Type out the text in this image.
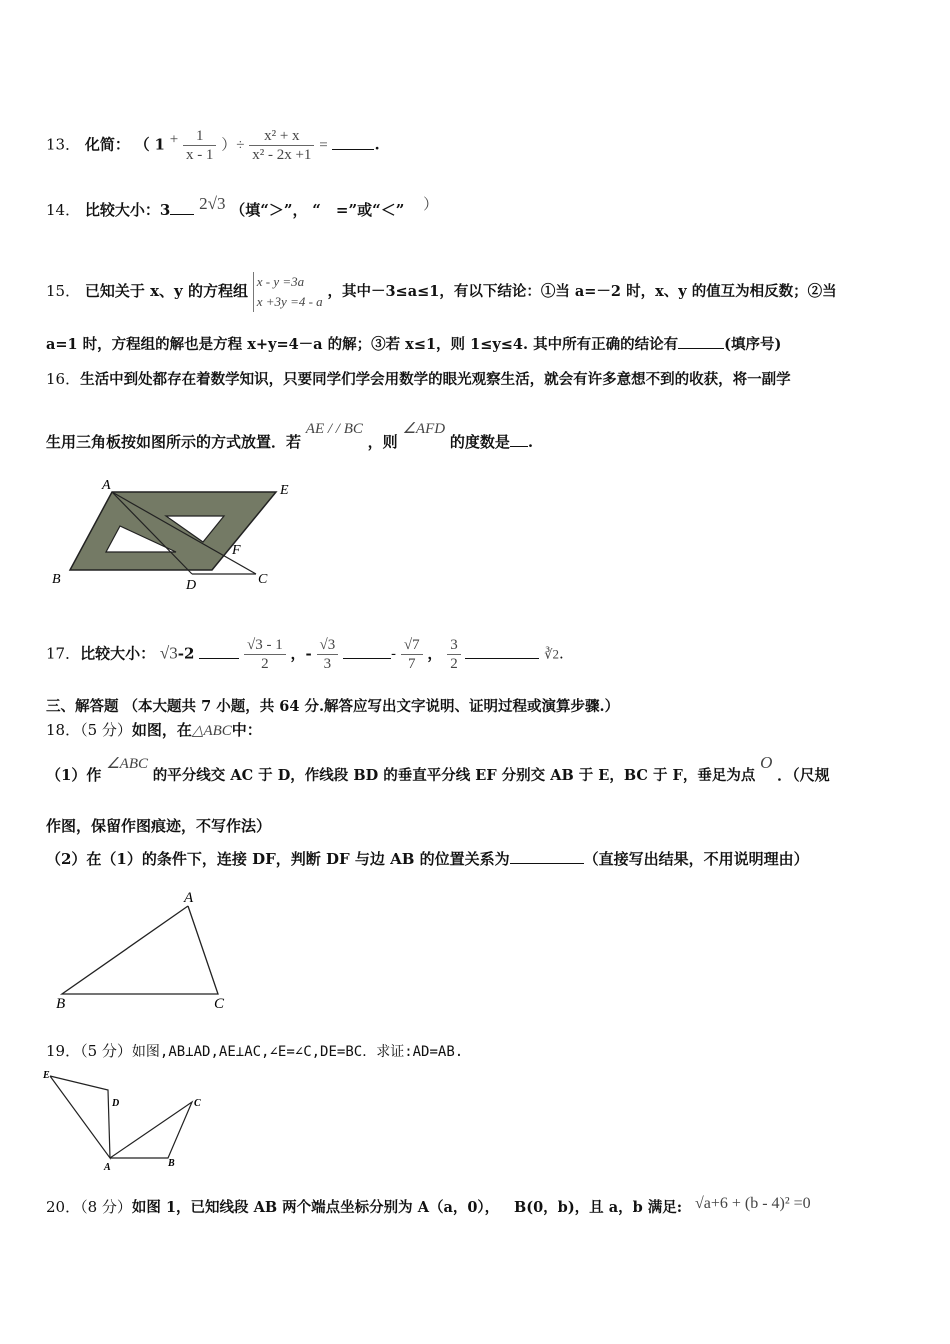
13． 化简： （ $1 + \frac{1}{x - 1}$ ）÷ $\frac{\text{x² + x}}{\text{x² - 2x +1}}$ =	.
14． 比较大小：3 2√3 （填“＞”， “　=”或“＜” ）
15． 已知关于 x、y 的方程组
x - y =3a
x +3y =4 - a
，其中－3≤a≤1，有以下结论：①当 a=－2 时，x、y 的值互为相反数；②当
a=1 时，方程组的解也是方程 x+y=4－a 的解；③若 x≤1，则 1≤y≤4. 其中所有正确的结论有	(填序号)
16．生活中到处都存在着数学知识，只要同学们学会用数学的眼光观察生活，就会有许多意想不到的收获，将一副学
生用三角板按如图所示的方式放置．若 AE / / BC ，则 ∠AFD 的度数是 .
A	E
F
B	D	C
17．比较大小： √3-2	$\frac{√3 - 1}{2}$ ，- $\frac{√3}{3}$	- $\frac{√7}{7}$ ， $\frac{3}{2}$	∛2.
三、解答题 （本大题共 7 小题，共 64 分.解答应写出文字说明、证明过程或演算步骤.）
18．（5 分）如图，在△ABC中：
（1）作 ∠ABC 的平分线交 AC 于 D，作线段 BD 的垂直平分线 EF 分别交 AB 于 E，BC 于 F，垂足为点 O ．（尺规
作图，保留作图痕迹，不写作法）
（2）在（1）的条件下，连接 DF，判断 DF 与边 AB 的位置关系为	（直接写出结果，不用说明理由）
A
B	C
19．（5 分）如图,AB⊥AD,AE⊥AC,∠E=∠C,DE=BC．求证:AD=AB.
E
D	C
A	B
20．（8 分）如图 1，已知线段 AB 两个端点坐标分别为 A（a，0）， B(0，b)，且 a，b 满足: √a+6 + (b - 4)² =0
